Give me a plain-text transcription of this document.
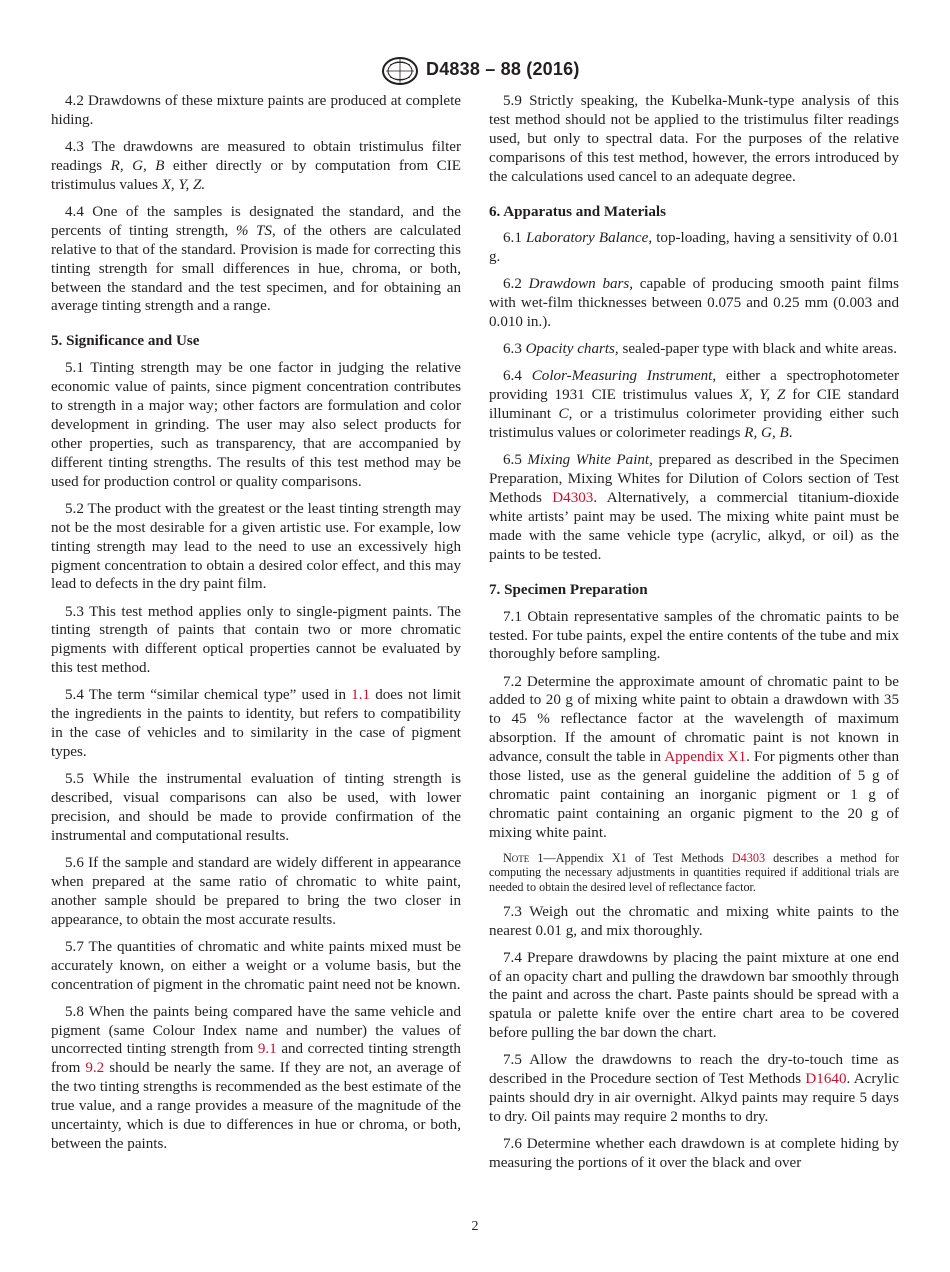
D4838 – 88 (2016)

4.2 Drawdowns of these mixture paints are produced at complete hiding.

4.3 The drawdowns are measured to obtain tristimulus filter readings R, G, B either directly or by computation from CIE tristimulus values X, Y, Z.

4.4 One of the samples is designated the standard, and the percents of tinting strength, % TS, of the others are calculated relative to that of the standard. Provision is made for correcting this tinting strength for small differences in hue, chroma, or both, between the standard and the test specimen, and for obtaining an average tinting strength and a range.

5. Significance and Use

5.1 Tinting strength may be one factor in judging the relative economic value of paints, since pigment concentration contributes to strength in a major way; other factors are formulation and color development in grinding. The user may also select products for other properties, such as transparency, that are accompanied by different tinting strengths. The results of this test method may be used for production control or quality comparisons.

5.2 The product with the greatest or the least tinting strength may not be the most desirable for a given artistic use. For example, low tinting strength may lead to the need to use an excessively high pigment concentration to obtain a desired color effect, and this may lead to defects in the dry paint film.

5.3 This test method applies only to single-pigment paints. The tinting strength of paints that contain two or more chromatic pigments with different optical properties cannot be evaluated by this test method.

5.4 The term “similar chemical type” used in 1.1 does not limit the ingredients in the paints to identity, but refers to compatibility in the case of vehicles and to similarity in the case of pigment types.

5.5 While the instrumental evaluation of tinting strength is described, visual comparisons can also be used, with lower precision, and should be made to provide confirmation of the instrumental and computational results.

5.6 If the sample and standard are widely different in appearance when prepared at the same ratio of chromatic to white paint, another sample should be prepared to bring the two closer in appearance, to obtain the most accurate results.

5.7 The quantities of chromatic and white paints mixed must be accurately known, on either a weight or a volume basis, but the concentration of pigment in the chromatic paint need not be known.

5.8 When the paints being compared have the same vehicle and pigment (same Colour Index name and number) the values of uncorrected tinting strength from 9.1 and corrected tinting strength from 9.2 should be nearly the same. If they are not, an average of the two tinting strengths is recommended as the best estimate of the true value, and a range provides a measure of the magnitude of the uncertainty, which is due to differences in hue or chroma, or both, between the paints.

5.9 Strictly speaking, the Kubelka-Munk-type analysis of this test method should not be applied to the tristimulus filter readings used, but only to spectral data. For the purposes of the relative comparisons of this test method, however, the errors introduced by the calculations used cancel to an adequate degree.

6. Apparatus and Materials

6.1 Laboratory Balance, top-loading, having a sensitivity of 0.01 g.

6.2 Drawdown bars, capable of producing smooth paint films with wet-film thicknesses between 0.075 and 0.25 mm (0.003 and 0.010 in.).

6.3 Opacity charts, sealed-paper type with black and white areas.

6.4 Color-Measuring Instrument, either a spectrophotometer providing 1931 CIE tristimulus values X, Y, Z for CIE standard illuminant C, or a tristimulus colorimeter providing either such tristimulus values or colorimeter readings R, G, B.

6.5 Mixing White Paint, prepared as described in the Specimen Preparation, Mixing Whites for Dilution of Colors section of Test Methods D4303. Alternatively, a commercial titanium-dioxide white artists’ paint may be used. The mixing white paint must be made with the same vehicle type (acrylic, alkyd, or oil) as the paints to be tested.

7. Specimen Preparation

7.1 Obtain representative samples of the chromatic paints to be tested. For tube paints, expel the entire contents of the tube and mix thoroughly before sampling.

7.2 Determine the approximate amount of chromatic paint to be added to 20 g of mixing white paint to obtain a drawdown with 35 to 45 % reflectance factor at the wavelength of maximum absorption. If the amount of chromatic paint is not known in advance, consult the table in Appendix X1. For pigments other than those listed, use as the general guideline the addition of 5 g of chromatic paint containing an inorganic pigment or 1 g of chromatic paint containing an organic pigment to the 20 g of mixing white paint.

Note 1—Appendix X1 of Test Methods D4303 describes a method for computing the necessary adjustments in quantities required if additional trials are needed to obtain the desired level of reflectance factor.

7.3 Weigh out the chromatic and mixing white paints to the nearest 0.01 g, and mix thoroughly.

7.4 Prepare drawdowns by placing the paint mixture at one end of an opacity chart and pulling the drawdown bar smoothly through the paint and across the chart. Paste paints should be spread with a spatula or palette knife over the entire chart area to be covered before pulling the bar down the chart.

7.5 Allow the drawdowns to reach the dry-to-touch time as described in the Procedure section of Test Methods D1640. Acrylic paints should dry in air overnight. Alkyd paints may require 5 days to dry. Oil paints may require 2 months to dry.

7.6 Determine whether each drawdown is at complete hiding by measuring the portions of it over the black and over

2
